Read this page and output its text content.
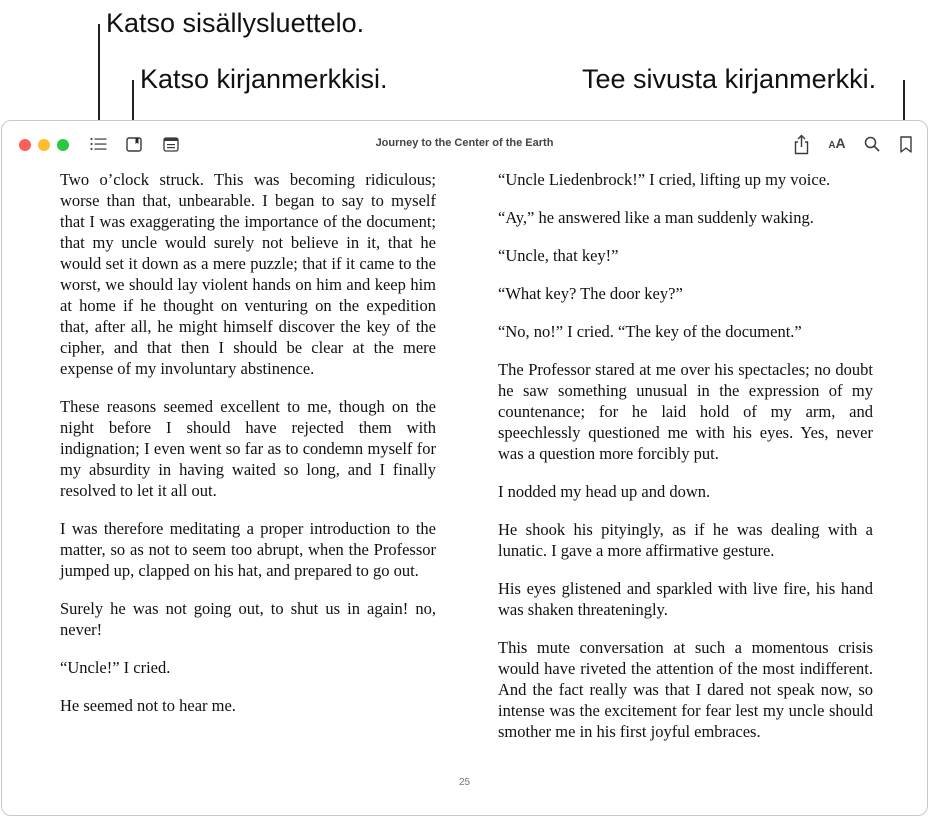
Katso sisällysluettelo.
Katso kirjanmerkkisi.	Tee sivusta kirjanmerkki.
Journey to the Center of the Earth	AA

Two o’clock struck. This was becoming ridiculous; worse than that, unbearable. I began to say to myself that I was exaggerating the importance of the document; that my uncle would surely not believe in it, that he would set it down as a mere puzzle; that if it came to the worst, we should lay violent hands on him and keep him at home if he thought on venturing on the expedition that, after all, he might himself discover the key of the cipher, and that then I should be clear at the mere expense of my involuntary abstinence.

These reasons seemed excellent to me, though on the night before I should have rejected them with indignation; I even went so far as to condemn myself for my absurdity in having waited so long, and I finally resolved to let it all out.

I was therefore meditating a proper introduction to the matter, so as not to seem too abrupt, when the Professor jumped up, clapped on his hat, and prepared to go out.

Surely he was not going out, to shut us in again! no, never!

“Uncle!” I cried.

He seemed not to hear me.

“Uncle Liedenbrock!” I cried, lifting up my voice.

“Ay,” he answered like a man suddenly waking.

“Uncle, that key!”

“What key? The door key?”

“No, no!” I cried. “The key of the document.”

The Professor stared at me over his spectacles; no doubt he saw something unusual in the expression of my countenance; for he laid hold of my arm, and speechlessly questioned me with his eyes. Yes, never was a question more forcibly put.

I nodded my head up and down.

He shook his pityingly, as if he was dealing with a lunatic. I gave a more affirmative gesture.

His eyes glistened and sparkled with live fire, his hand was shaken threateningly.

This mute conversation at such a momentous crisis would have riveted the attention of the most indifferent. And the fact really was that I dared not speak now, so intense was the excitement for fear lest my uncle should smother me in his first joyful embraces.

25
